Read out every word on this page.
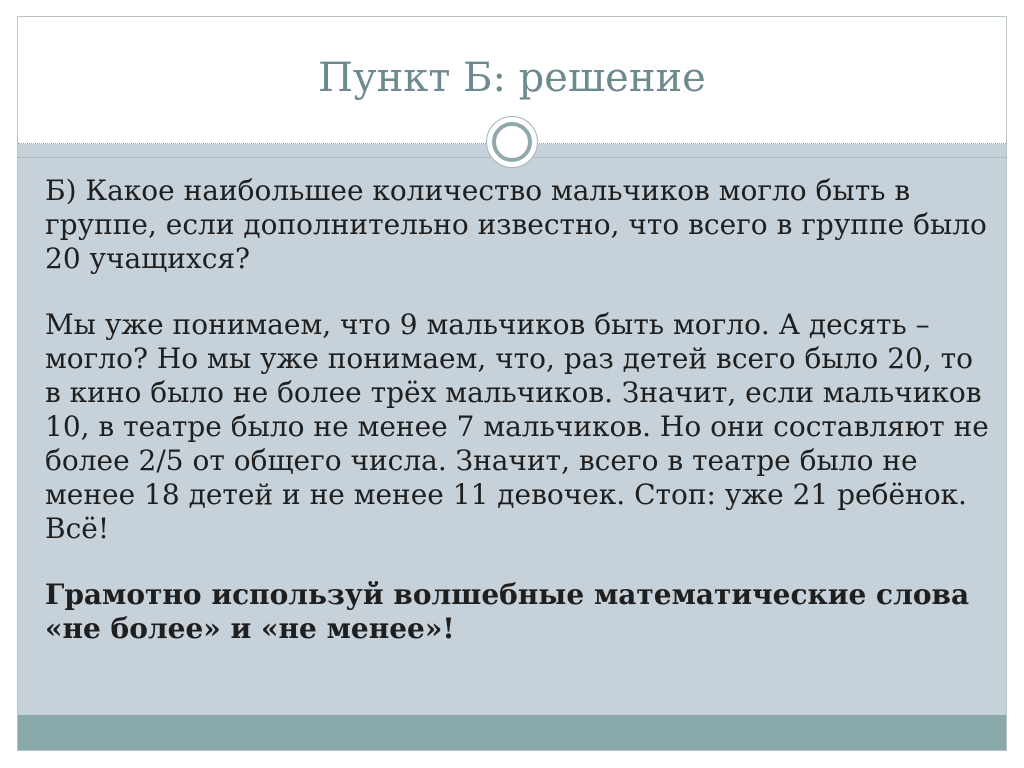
Пункт Б: решение

Б) Какое наибольшее количество мальчиков могло быть в группе, если дополнительно известно, что всего в группе было 20 учащихся?

Мы уже понимаем, что 9 мальчиков быть могло. А десять – могло? Но мы уже понимаем, что, раз детей всего было 20, то в кино было не более трёх мальчиков. Значит, если мальчиков 10, в театре было не менее 7 мальчиков. Но они составляют не более 2/5 от общего числа. Значит, всего в театре было не менее 18 детей и не менее 11 девочек. Стоп: уже 21 ребёнок. Всё!

Грамотно используй волшебные математические слова «не более» и «не менее»!
